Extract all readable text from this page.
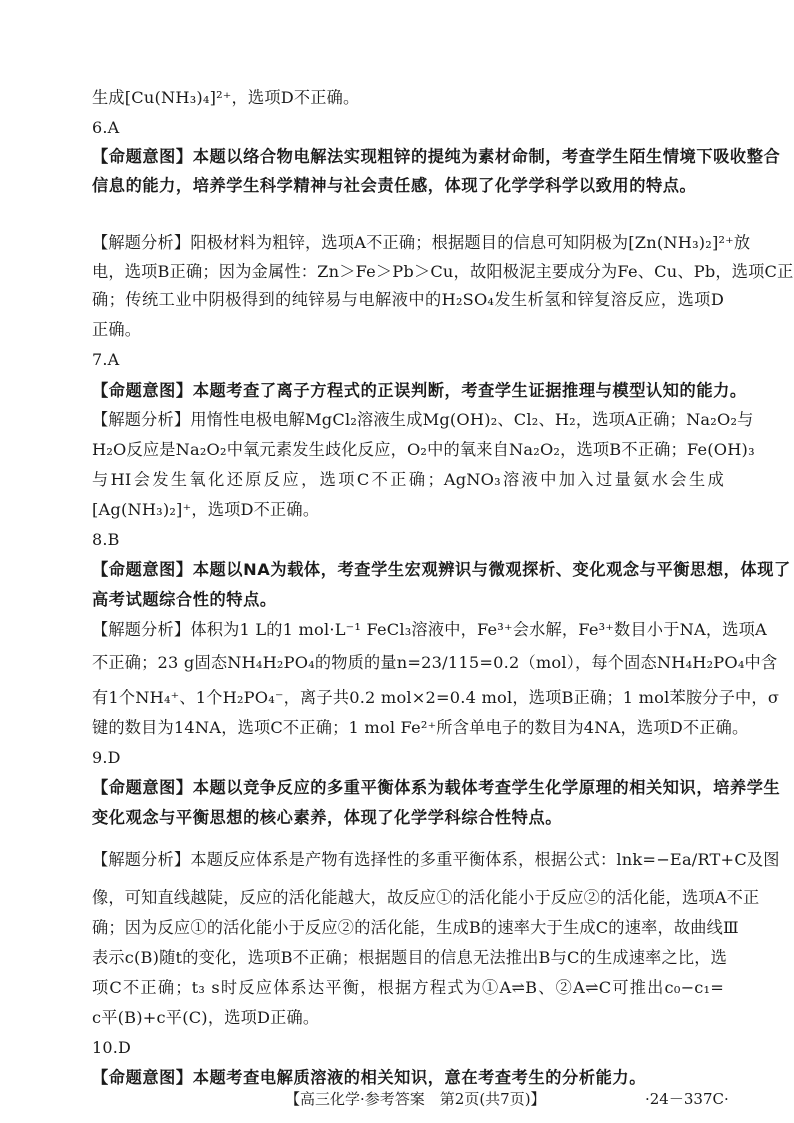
生成[Cu(NH₃)₄]²⁺，选项D不正确。
6.A
【命题意图】本题以络合物电解法实现粗锌的提纯为素材命制，考查学生陌生情境下吸收整合
信息的能力，培养学生科学精神与社会责任感，体现了化学学科学以致用的特点。
【解题分析】阳极材料为粗锌，选项A不正确；根据题目的信息可知阴极为[Zn(NH₃)₂]²⁺放
电，选项B正确；因为金属性：Zn＞Fe＞Pb＞Cu，故阳极泥主要成分为Fe、Cu、Pb，选项C正
确；传统工业中阴极得到的纯锌易与电解液中的H₂SO₄发生析氢和锌复溶反应，选项D
正确。
7.A
【命题意图】本题考查了离子方程式的正误判断，考查学生证据推理与模型认知的能力。
【解题分析】用惰性电极电解MgCl₂溶液生成Mg(OH)₂、Cl₂、H₂，选项A正确；Na₂O₂与
H₂O反应是Na₂O₂中氧元素发生歧化反应，O₂中的氧来自Na₂O₂，选项B不正确；Fe(OH)₃
与HI会发生氧化还原反应，选项C不正确；AgNO₃溶液中加入过量氨水会生成
[Ag(NH₃)₂]⁺，选项D不正确。
8.B
【命题意图】本题以NA为载体，考查学生宏观辨识与微观探析、变化观念与平衡思想，体现了
高考试题综合性的特点。
【解题分析】体积为1 L的1 mol·L⁻¹ FeCl₃溶液中，Fe³⁺会水解，Fe³⁺数目小于NA，选项A
不正确；23 g固态NH₄H₂PO₄的物质的量n=23/115=0.2（mol），每个固态NH₄H₂PO₄中含
有1个NH₄⁺、1个H₂PO₄⁻，离子共0.2 mol×2=0.4 mol，选项B正确；1 mol苯胺分子中，σ
键的数目为14NA，选项C不正确；1 mol Fe²⁺所含单电子的数目为4NA，选项D不正确。
9.D
【命题意图】本题以竞争反应的多重平衡体系为载体考查学生化学原理的相关知识，培养学生
变化观念与平衡思想的核心素养，体现了化学学科综合性特点。
【解题分析】本题反应体系是产物有选择性的多重平衡体系，根据公式：lnk=−Ea/RT+C及图
像，可知直线越陡，反应的活化能越大，故反应①的活化能小于反应②的活化能，选项A不正
确；因为反应①的活化能小于反应②的活化能，生成B的速率大于生成C的速率，故曲线Ⅲ
表示c(B)随t的变化，选项B不正确；根据题目的信息无法推出B与C的生成速率之比，选
项C不正确；t₃ s时反应体系达平衡，根据方程式为①A⇌B、②A⇌C可推出c₀−c₁=
c平(B)+c平(C)，选项D正确。
10.D
【命题意图】本题考查电解质溶液的相关知识，意在考查考生的分析能力。
【高三化学·参考答案　第2页(共7页)】	·24－337C·
